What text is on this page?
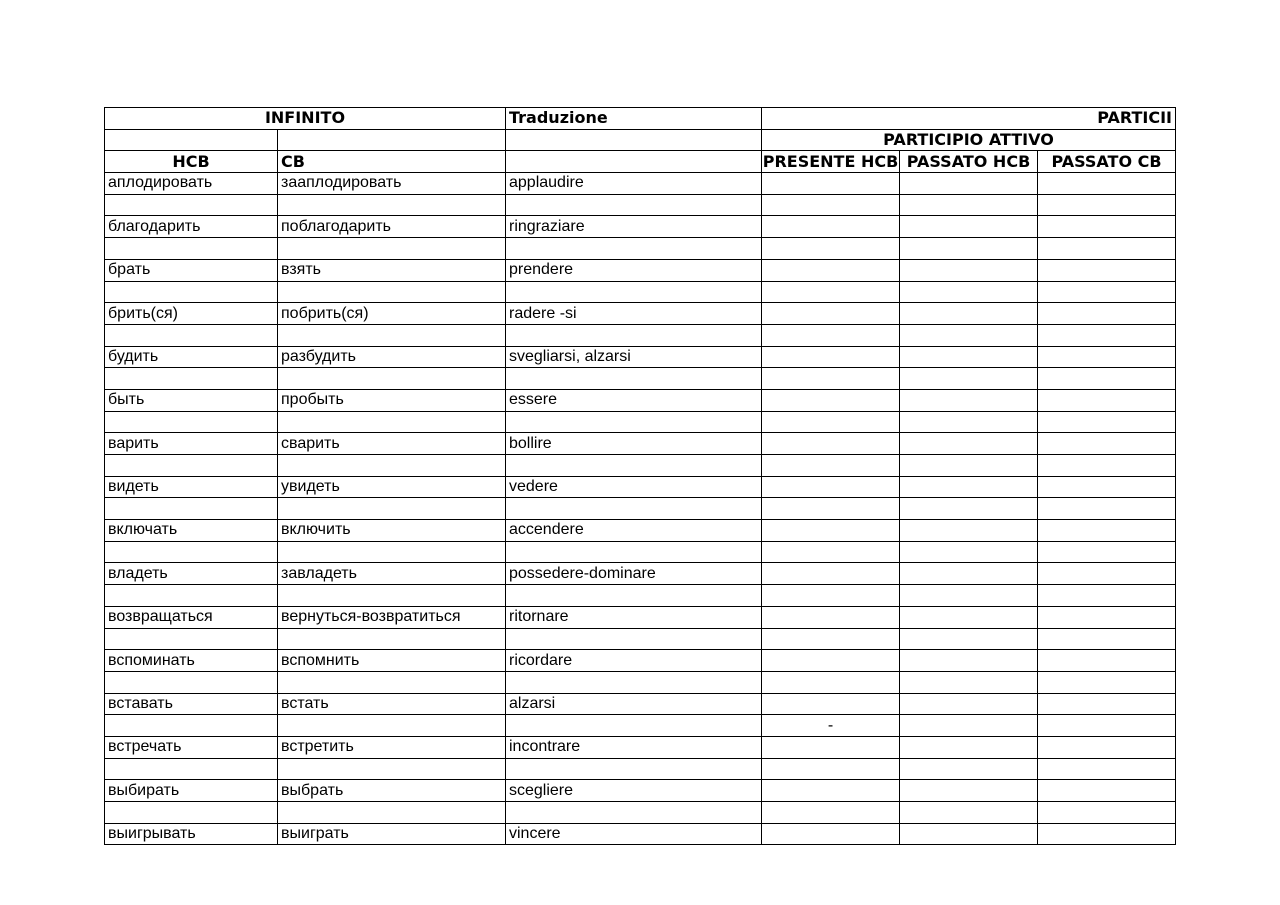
INFINITO		Traduzione	PARTICII		
			PARTICIPIO ATTIVO		
НСВ	СВ		PRESENTE НСВ	PASSATO НСВ	PASSATO СВ
аплодировать	зааплодировать	applaudire			

благодарить	поблагодарить	ringraziare			

брать	взять	prendere			

брить(ся)	побрить(ся)	radere -si			

будить	разбудить	svegliarsi, alzarsi			

быть	пробыть	essere			

варить	сварить	bollire			

видеть	увидеть	vedere			

включать	включить	accendere			

владеть	завладеть	possedere-dominare			

возвращаться	вернуться-возвратиться	ritornare			

вспоминать	вспомнить	ricordare			

вставать	встать	alzarsi			
			-		
встречать	встретить	incontrare			

выбирать	выбрать	scegliere			

выигрывать	выиграть	vincere			
